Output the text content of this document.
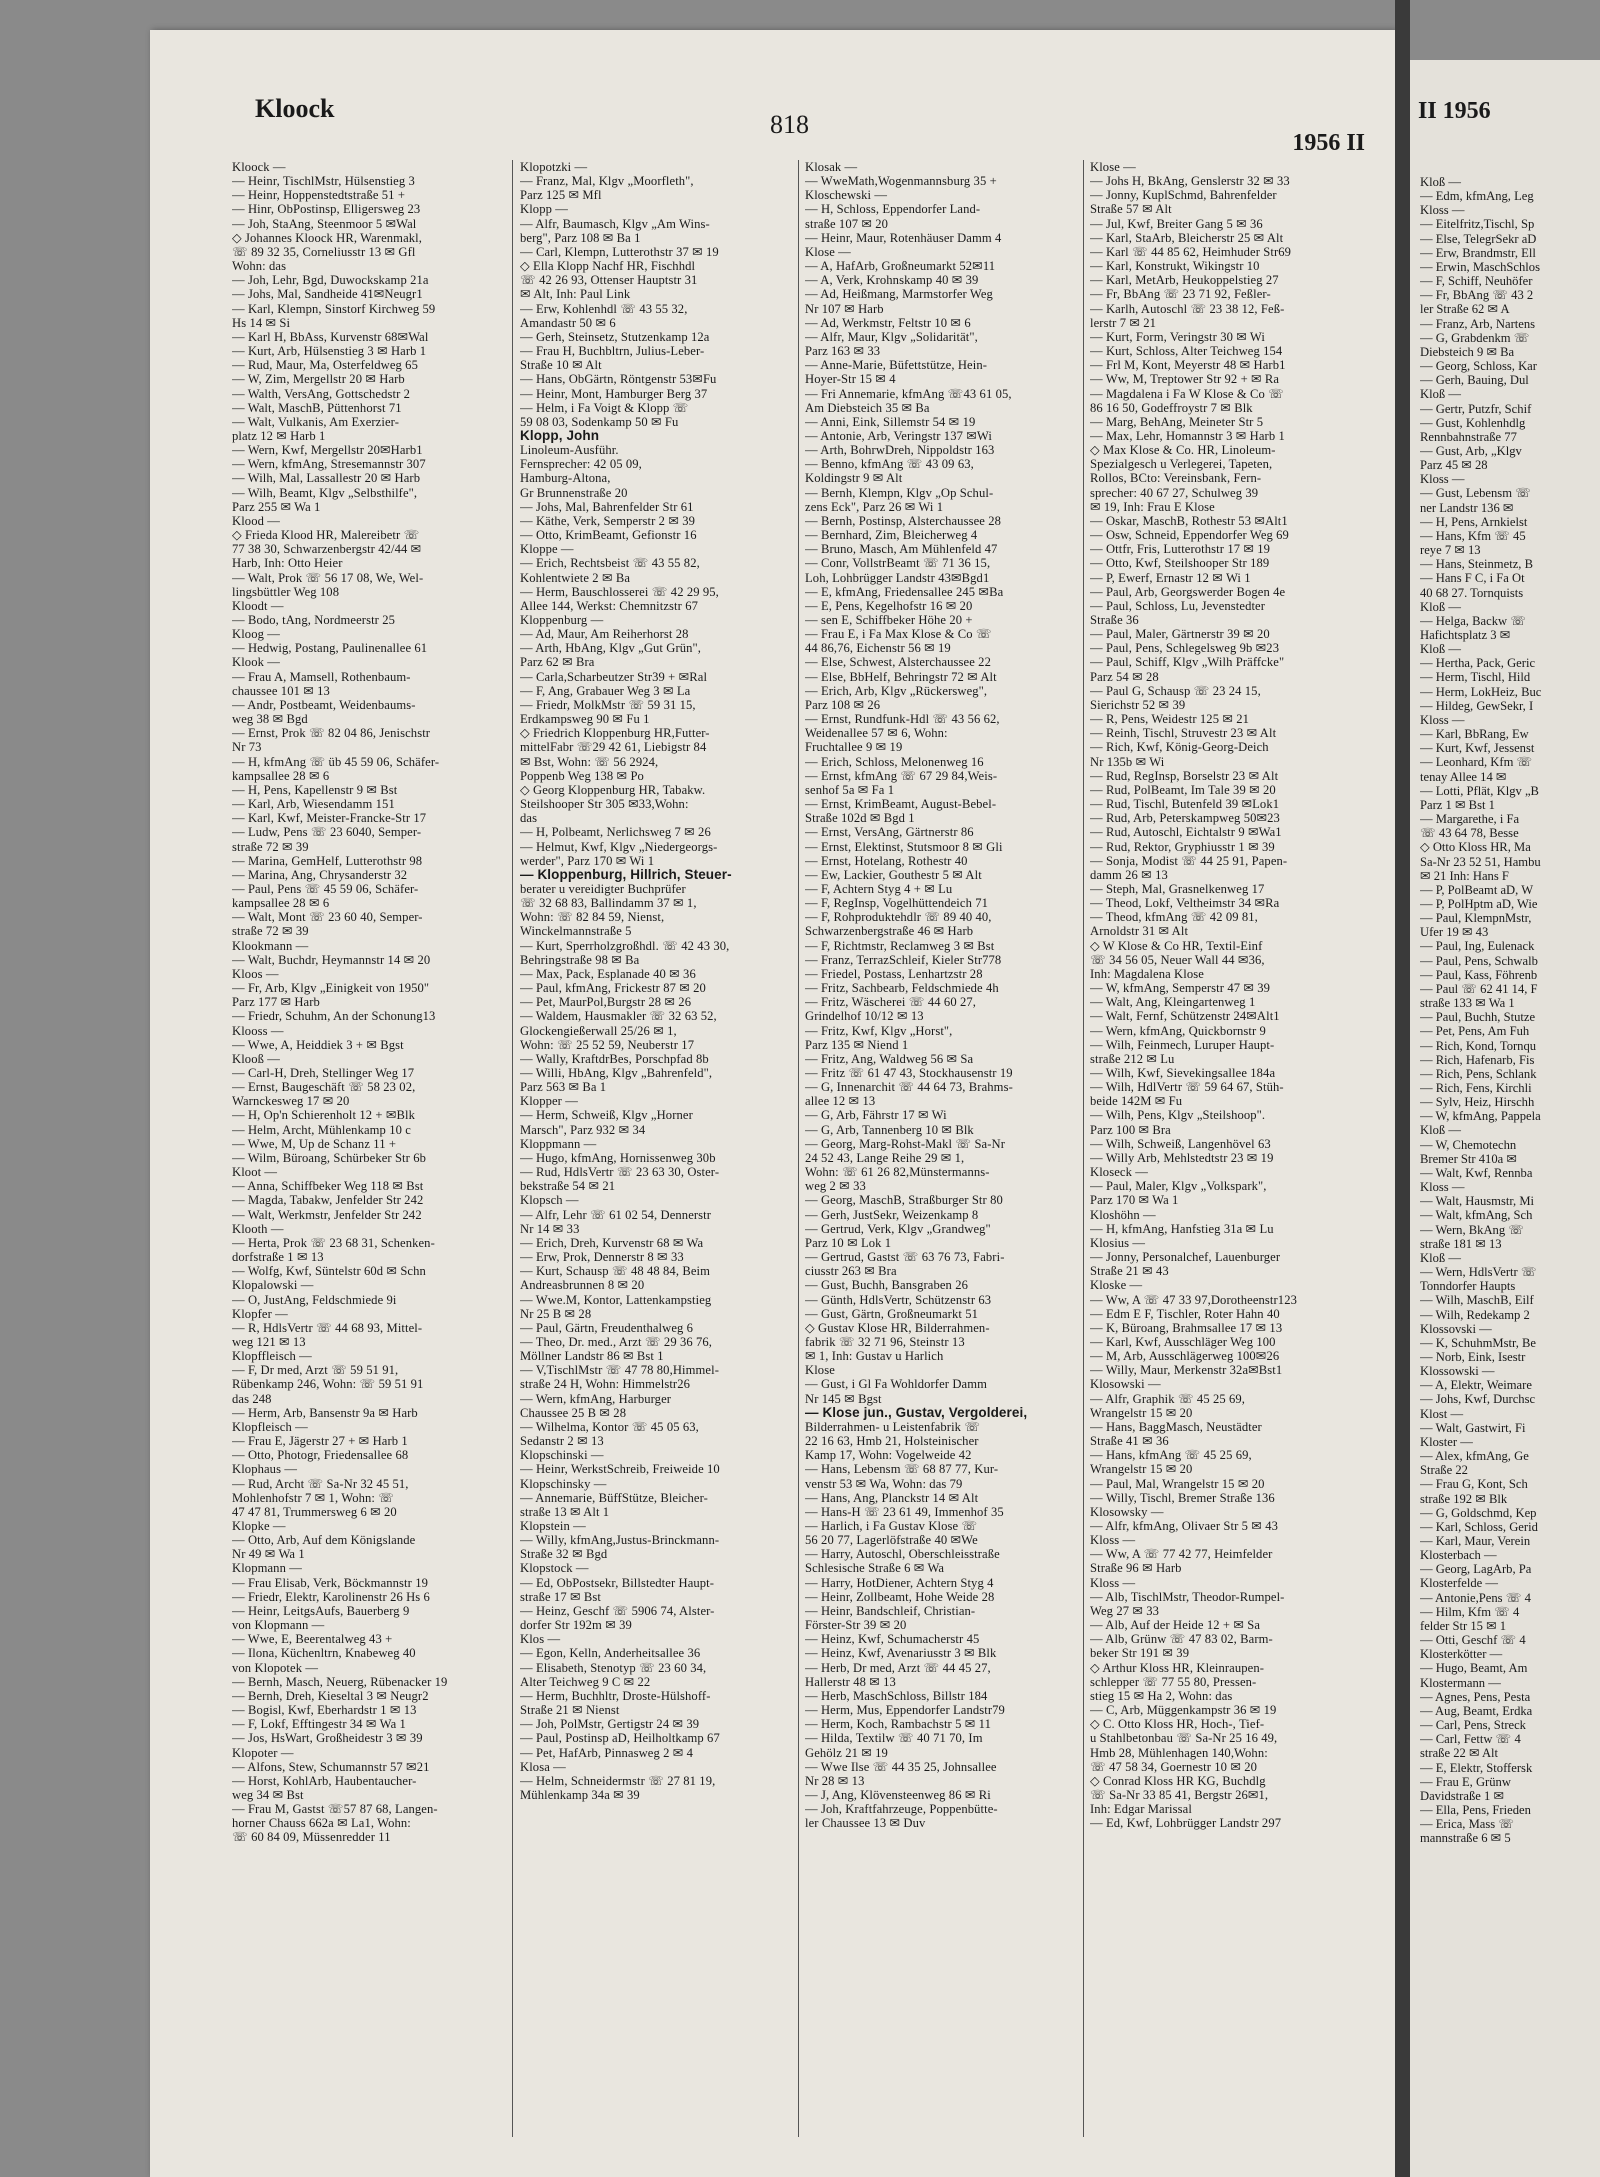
Kloock
818
1956 II
Kloock —
— Heinr, TischlMstr, Hülsenstieg 3
— Heinr, Hoppenstedtstraße 51 +
— Hinr, ObPostinsp, Elligersweg 23
— Joh, StaAng, Steenmoor 5 ✉Wal
◇ Johannes Kloock HR, Warenmakl,
☏ 89 32 35, Corneliusstr 13 ✉ Gfl
Wohn: das
— Joh, Lehr, Bgd, Duwockskamp 21a
— Johs, Mal, Sandheide 41✉Neugr1
— Karl, Klempn, Sinstorf Kirchweg 59
Hs 14 ✉ Si
— Karl H, BbAss, Kurvenstr 68✉Wal
— Kurt, Arb, Hülsenstieg 3 ✉ Harb 1
— Rud, Maur, Ma, Osterfeldweg 65
— W, Zim, Mergellstr 20 ✉ Harb
— Walth, VersAng, Gottschedstr 2
— Walt, MaschB, Püttenhorst 71
— Walt, Vulkanis, Am Exerzier-
platz 12 ✉ Harb 1
— Wern, Kwf, Mergellstr 20✉Harb1
— Wern, kfmAng, Stresemannstr 307
— Wilh, Mal, Lassallestr 20 ✉ Harb
— Wilh, Beamt, Klgv „Selbsthilfe",
Parz 255 ✉ Wa 1
Klood —
◇ Frieda Klood HR, Malereibetr ☏
77 38 30, Schwarzenbergstr 42/44 ✉
Harb, Inh: Otto Heier
— Walt, Prok ☏ 56 17 08, We, Wel-
lingsbüttler Weg 108
Kloodt —
— Bodo, tAng, Nordmeerstr 25
Kloog —
— Hedwig, Postang, Paulinenallee 61
Klook —
— Frau A, Mamsell, Rothenbaum-
chaussee 101 ✉ 13
— Andr, Postbeamt, Weidenbaums-
weg 38 ✉ Bgd
— Ernst, Prok ☏ 82 04 86, Jenischstr
Nr 73
— H, kfmAng ☏ üb 45 59 06, Schäfer-
kampsallee 28 ✉ 6
— H, Pens, Kapellenstr 9 ✉ Bst
— Karl, Arb, Wiesendamm 151
— Karl, Kwf, Meister-Francke-Str 17
— Ludw, Pens ☏ 23 6040, Semper-
straße 72 ✉ 39
— Marina, GemHelf, Lutterothstr 98
— Marina, Ang, Chrysanderstr 32
— Paul, Pens ☏ 45 59 06, Schäfer-
kampsallee 28 ✉ 6
— Walt, Mont ☏ 23 60 40, Semper-
straße 72 ✉ 39
Klookmann —
— Walt, Buchdr, Heymannstr 14 ✉ 20
Kloos —
— Fr, Arb, Klgv „Einigkeit von 1950"
Parz 177 ✉ Harb
— Friedr, Schuhm, An der Schonung13
Klooss —
— Wwe, A, Heiddiek 3 + ✉ Bgst
Klooß —
— Carl-H, Dreh, Stellinger Weg 17
— Ernst, Baugeschäft ☏ 58 23 02,
Warnckesweg 17 ✉ 20
— H, Op'n Schierenholt 12 + ✉Blk
— Helm, Archt, Mühlenkamp 10 c
— Wwe, M, Up de Schanz 11 +
— Wilm, Büroang, Schürbeker Str 6b
Kloot —
— Anna, Schiffbeker Weg 118 ✉ Bst
— Magda, Tabakw, Jenfelder Str 242
— Walt, Werkmstr, Jenfelder Str 242
Klooth —
— Herta, Prok ☏ 23 68 31, Schenken-
dorfstraße 1 ✉ 13
— Wolfg, Kwf, Süntelstr 60d ✉ Schn
Klopalowski —
— O, JustAng, Feldschmiede 9i
Klopfer —
— R, HdlsVertr ☏ 44 68 93, Mittel-
weg 121 ✉ 13
Klopffleisch —
— F, Dr med, Arzt ☏ 59 51 91,
Rübenkamp 246, Wohn: ☏ 59 51 91
das 248
— Herm, Arb, Bansenstr 9a ✉ Harb
Klopfleisch —
— Frau E, Jägerstr 27 + ✉ Harb 1
— Otto, Photogr, Friedensallee 68
Klophaus —
— Rud, Archt ☏ Sa-Nr 32 45 51,
Mohlenhofstr 7 ✉ 1, Wohn: ☏
47 47 81, Trummersweg 6 ✉ 20
Klopke —
— Otto, Arb, Auf dem Königslande
Nr 49 ✉ Wa 1
Klopmann —
— Frau Elisab, Verk, Böckmannstr 19
— Friedr, Elektr, Karolinenstr 26 Hs 6
— Heinr, LeitgsAufs, Bauerberg 9
von Klopmann —
— Wwe, E, Beerentalweg 43 +
— Ilona, Küchenltrn, Knabeweg 40
von Klopotek —
— Bernh, Masch, Neuerg, Rübenacker 19
— Bernh, Dreh, Kieseltal 3 ✉ Neugr2
— Bogisl, Kwf, Eberhardstr 1 ✉ 13
— F, Lokf, Efftingestr 34 ✉ Wa 1
— Jos, HsWart, Großheidestr 3 ✉ 39
Klopoter —
— Alfons, Stew, Schumannstr 57 ✉21
— Horst, KohlArb, Haubentaucher-
weg 34 ✉ Bst
— Frau M, Gastst ☏57 87 68, Langen-
horner Chauss 662a ✉ La1, Wohn:
☏ 60 84 09, Müssenredder 11
Klopotzki —
— Franz, Mal, Klgv „Moorfleth",
Parz 125 ✉ Mfl
Klopp —
— Alfr, Baumasch, Klgv „Am Wins-
berg", Parz 108 ✉ Ba 1
— Carl, Klempn, Lutterothstr 37 ✉ 19
◇ Ella Klopp Nachf HR, Fischhdl
☏ 42 26 93, Ottenser Hauptstr 31
✉ Alt, Inh: Paul Link
— Erw, Kohlenhdl ☏ 43 55 32,
Amandastr 50 ✉ 6
— Gerh, Steinsetz, Stutzenkamp 12a
— Frau H, Buchbltrn, Julius-Leber-
Straße 10 ✉ Alt
— Hans, ObGärtn, Röntgenstr 53✉Fu
— Heinr, Mont, Hamburger Berg 37
— Helm, i Fa Voigt & Klopp ☏
59 08 03, Sodenkamp 50 ✉ Fu
Klopp, John
Linoleum-Ausführ.
Fernsprecher: 42 05 09,
Hamburg-Altona,
Gr Brunnenstraße 20
— Johs, Mal, Bahrenfelder Str 61
— Käthe, Verk, Semperstr 2 ✉ 39
— Otto, KrimBeamt, Gefionstr 16
Kloppe —
— Erich, Rechtsbeist ☏ 43 55 82,
Kohlentwiete 2 ✉ Ba
— Herm, Bauschlosserei ☏ 42 29 95,
Allee 144, Werkst: Chemnitzstr 67
Kloppenburg —
— Ad, Maur, Am Reiherhorst 28
— Arth, HbAng, Klgv „Gut Grün",
Parz 62 ✉ Bra
— Carla,Scharbeutzer Str39 + ✉Ral
— F, Ang, Grabauer Weg 3 ✉ La
— Friedr, MolkMstr ☏ 59 31 15,
Erdkampsweg 90 ✉ Fu 1
◇ Friedrich Kloppenburg HR,Futter-
mittelFabr ☏29 42 61, Liebigstr 84
✉ Bst, Wohn: ☏ 56 2924,
Poppenb Weg 138 ✉ Po
◇ Georg Kloppenburg HR, Tabakw.
Steilshooper Str 305 ✉33,Wohn:
das
— H, Polbeamt, Nerlichsweg 7 ✉ 26
— Helmut, Kwf, Klgv „Niedergeorgs-
werder", Parz 170 ✉ Wi 1
— Kloppenburg, Hillrich, Steuer-
berater u vereidigter Buchprüfer
☏ 32 68 83, Ballindamm 37 ✉ 1,
Wohn: ☏ 82 84 59, Nienst,
Winckelmannstraße 5
— Kurt, Sperrholzgroßhdl. ☏ 42 43 30,
Behringstraße 98 ✉ Ba
— Max, Pack, Esplanade 40 ✉ 36
— Paul, kfmAng, Frickestr 87 ✉ 20
— Pet, MaurPol,Burgstr 28 ✉ 26
— Waldem, Hausmakler ☏ 32 63 52,
Glockengießerwall 25/26 ✉ 1,
Wohn: ☏ 25 52 59, Neuberstr 17
— Wally, KraftdrBes, Porschpfad 8b
— Willi, HbAng, Klgv „Bahrenfeld",
Parz 563 ✉ Ba 1
Klopper —
— Herm, Schweiß, Klgv „Horner
Marsch", Parz 932 ✉ 34
Kloppmann —
— Hugo, kfmAng, Hornissenweg 30b
— Rud, HdlsVertr ☏ 23 63 30, Oster-
bekstraße 54 ✉ 21
Klopsch —
— Alfr, Lehr ☏ 61 02 54, Dennerstr
Nr 14 ✉ 33
— Erich, Dreh, Kurvenstr 68 ✉ Wa
— Erw, Prok, Dennerstr 8 ✉ 33
— Kurt, Schausp ☏ 48 48 84, Beim
Andreasbrunnen 8 ✉ 20
— Wwe.M, Kontor, Lattenkampstieg
Nr 25 B ✉ 28
— Paul, Gärtn, Freudenthalweg 6
— Theo, Dr. med., Arzt ☏ 29 36 76,
Möllner Landstr 86 ✉ Bst 1
— V,TischlMstr ☏ 47 78 80,Himmel-
straße 24 H, Wohn: Himmelstr26
— Wern, kfmAng, Harburger
Chaussee 25 B ✉ 28
— Wilhelma, Kontor ☏ 45 05 63,
Sedanstr 2 ✉ 13
Klopschinski —
— Heinr, WerkstSchreib, Freiweide 10
Klopschinsky —
— Annemarie, BüffStütze, Bleicher-
straße 13 ✉ Alt 1
Klopstein —
— Willy, kfmAng,Justus-Brinckmann-
Straße 32 ✉ Bgd
Klopstock —
— Ed, ObPostsekr, Billstedter Haupt-
straße 17 ✉ Bst
— Heinz, Geschf ☏ 5906 74, Alster-
dorfer Str 192m ✉ 39
Klos —
— Egon, Kelln, Anderheitsallee 36
— Elisabeth, Stenotyp ☏ 23 60 34,
Alter Teichweg 9 C ✉ 22
— Herm, Buchhltr, Droste-Hülshoff-
Straße 21 ✉ Nienst
— Joh, PolMstr, Gertigstr 24 ✉ 39
— Paul, Postinsp aD, Heilholtkamp 67
— Pet, HafArb, Pinnasweg 2 ✉ 4
Klosa —
— Helm, Schneidermstr ☏ 27 81 19,
Mühlenkamp 34a ✉ 39
Klosak —
— WweMath,Wogenmannsburg 35 +
Kloschewski —
— H, Schloss, Eppendorfer Land-
straße 107 ✉ 20
— Heinr, Maur, Rotenhäuser Damm 4
Klose —
— A, HafArb, Großneumarkt 52✉11
— A, Verk, Krohnskamp 40 ✉ 39
— Ad, Heißmang, Marmstorfer Weg
Nr 107 ✉ Harb
— Ad, Werkmstr, Feltstr 10 ✉ 6
— Alfr, Maur, Klgv „Solidarität",
Parz 163 ✉ 33
— Anne-Marie, Büfettstütze, Hein-
Hoyer-Str 15 ✉ 4
— Fri Annemarie, kfmAng ☏43 61 05,
Am Diebsteich 35 ✉ Ba
— Anni, Eink, Sillemstr 54 ✉ 19
— Antonie, Arb, Veringstr 137 ✉Wi
— Arth, BohrwDreh, Nippoldstr 163
— Benno, kfmAng ☏ 43 09 63,
Koldingstr 9 ✉ Alt
— Bernh, Klempn, Klgv „Op Schul-
zens Eck", Parz 26 ✉ Wi 1
— Bernh, Postinsp, Alsterchaussee 28
— Bernhard, Zim, Bleicherweg 4
— Bruno, Masch, Am Mühlenfeld 47
— Conr, VollstrBeamt ☏ 71 36 15,
Loh, Lohbrügger Landstr 43✉Bgd1
— E, kfmAng, Friedensallee 245 ✉Ba
— E, Pens, Kegelhofstr 16 ✉ 20
— sen E, Schiffbeker Höhe 20 +
— Frau E, i Fa Max Klose & Co ☏
44 86,76, Eichenstr 56 ✉ 19
— Else, Schwest, Alsterchaussee 22
— Else, BbHelf, Behringstr 72 ✉ Alt
— Erich, Arb, Klgv „Rückersweg",
Parz 108 ✉ 26
— Ernst, Rundfunk-Hdl ☏ 43 56 62,
Weidenallee 57 ✉ 6, Wohn:
Fruchtallee 9 ✉ 19
— Erich, Schloss, Melonenweg 16
— Ernst, kfmAng ☏ 67 29 84,Weis-
senhof 5a ✉ Fa 1
— Ernst, KrimBeamt, August-Bebel-
Straße 102d ✉ Bgd 1
— Ernst, VersAng, Gärtnerstr 86
— Ernst, Elektinst, Stutsmoor 8 ✉ Gli
— Ernst, Hotelang, Rothestr 40
— Ew, Lackier, Gouthestr 5 ✉ Alt
— F, Achtern Styg 4 + ✉ Lu
— F, RegInsp, Vogelhüttendeich 71
— F, Rohproduktehdlr ☏ 89 40 40,
Schwarzenbergstraße 46 ✉ Harb
— F, Richtmstr, Reclamweg 3 ✉ Bst
— Franz, TerrazSchleif, Kieler Str778
— Friedel, Postass, Lenhartzstr 28
— Fritz, Sachbearb, Feldschmiede 4h
— Fritz, Wäscherei ☏ 44 60 27,
Grindelhof 10/12 ✉ 13
— Fritz, Kwf, Klgv „Horst",
Parz 135 ✉ Niend 1
— Fritz, Ang, Waldweg 56 ✉ Sa
— Fritz ☏ 61 47 43, Stockhausenstr 19
— G, Innenarchit ☏ 44 64 73, Brahms-
allee 12 ✉ 13
— G, Arb, Fährstr 17 ✉ Wi
— G, Arb, Tannenberg 10 ✉ Blk
— Georg, Marg-Rohst-Makl ☏ Sa-Nr
24 52 43, Lange Reihe 29 ✉ 1,
Wohn: ☏ 61 26 82,Münstermanns-
weg 2 ✉ 33
— Georg, MaschB, Straßburger Str 80
— Gerh, JustSekr, Weizenkamp 8
— Gertrud, Verk, Klgv „Grandweg"
Parz 10 ✉ Lok 1
— Gertrud, Gastst ☏ 63 76 73, Fabri-
ciusstr 263 ✉ Bra
— Gust, Buchh, Bansgraben 26
— Günth, HdlsVertr, Schützenstr 63
— Gust, Gärtn, Großneumarkt 51
◇ Gustav Klose HR, Bilderrahmen-
fabrik ☏ 32 71 96, Steinstr 13
✉ 1, Inh: Gustav u Harlich
Klose
— Gust, i Gl Fa Wohldorfer Damm
Nr 145 ✉ Bgst
— Klose jun., Gustav, Vergolderei,
Bilderrahmen- u Leistenfabrik ☏
22 16 63, Hmb 21, Holsteinischer
Kamp 17, Wohn: Vogelweide 42
— Hans, Lebensm ☏ 68 87 77, Kur-
venstr 53 ✉ Wa, Wohn: das 79
— Hans, Ang, Planckstr 14 ✉ Alt
— Hans-H ☏ 23 61 49, Immenhof 35
— Harlich, i Fa Gustav Klose ☏
56 20 77, Lagerlöfstraße 40 ✉We
— Harry, Autoschl, Oberschleisstraße
Schlesische Straße 6 ✉ Wa
— Harry, HotDiener, Achtern Styg 4
— Heinr, Zollbeamt, Hohe Weide 28
— Heinr, Bandschleif, Christian-
Förster-Str 39 ✉ 20
— Heinz, Kwf, Schumacherstr 45
— Heinz, Kwf, Avenariusstr 3 ✉ Blk
— Herb, Dr med, Arzt ☏ 44 45 27,
Hallerstr 48 ✉ 13
— Herb, MaschSchloss, Billstr 184
— Herm, Mus, Eppendorfer Landstr79
— Herm, Koch, Rambachstr 5 ✉ 11
— Hilda, Textilw ☏ 40 71 70, Im
Gehölz 21 ✉ 19
— Wwe Ilse ☏ 44 35 25, Johnsallee
Nr 28 ✉ 13
— J, Ang, Klövensteenweg 86 ✉ Ri
— Joh, Kraftfahrzeuge, Poppenbütte-
ler Chaussee 13 ✉ Duv
Klose —
— Johs H, BkAng, Genslerstr 32 ✉ 33
— Jonny, KuplSchmd, Bahrenfelder
Straße 57 ✉ Alt
— Jul, Kwf, Breiter Gang 5 ✉ 36
— Karl, StaArb, Bleicherstr 25 ✉ Alt
— Karl ☏ 44 85 62, Heimhuder Str69
— Karl, Konstrukt, Wikingstr 10
— Karl, MetArb, Heukoppelstieg 27
— Fr, BbAng ☏ 23 71 92, Feßler-
— Karlh, Autoschl ☏ 23 38 12, Feß-
lerstr 7 ✉ 21
— Kurt, Form, Veringstr 30 ✉ Wi
— Kurt, Schloss, Alter Teichweg 154
— Frl M, Kont, Meyerstr 48 ✉ Harb1
— Ww, M, Treptower Str 92 + ✉ Ra
— Magdalena i Fa W Klose & Co ☏
86 16 50, Godeffroystr 7 ✉ Blk
— Marg, BehAng, Meineter Str 5
— Max, Lehr, Homannstr 3 ✉ Harb 1
◇ Max Klose & Co. HR, Linoleum-
Spezialgesch u Verlegerei, Tapeten,
Rollos, BCto: Vereinsbank, Fern-
sprecher: 40 67 27, Schulweg 39
✉ 19, Inh: Frau E Klose
— Oskar, MaschB, Rothestr 53 ✉Alt1
— Osw, Schneid, Eppendorfer Weg 69
— Ottfr, Fris, Lutterothstr 17 ✉ 19
— Otto, Kwf, Steilshooper Str 189
— P, Ewerf, Ernastr 12 ✉ Wi 1
— Paul, Arb, Georgswerder Bogen 4e
— Paul, Schloss, Lu, Jevenstedter
Straße 36
— Paul, Maler, Gärtnerstr 39 ✉ 20
— Paul, Pens, Schlegelsweg 9b ✉23
— Paul, Schiff, Klgv „Wilh Präffcke"
Parz 54 ✉ 28
— Paul G, Schausp ☏ 23 24 15,
Sierichstr 52 ✉ 39
— R, Pens, Weidestr 125 ✉ 21
— Reinh, Tischl, Struvestr 23 ✉ Alt
— Rich, Kwf, König-Georg-Deich
Nr 135b ✉ Wi
— Rud, RegInsp, Borselstr 23 ✉ Alt
— Rud, PolBeamt, Im Tale 39 ✉ 20
— Rud, Tischl, Butenfeld 39 ✉Lok1
— Rud, Arb, Peterskampweg 50✉23
— Rud, Autoschl, Eichtalstr 9 ✉Wa1
— Rud, Rektor, Gryphiusstr 1 ✉ 39
— Sonja, Modist ☏ 44 25 91, Papen-
damm 26 ✉ 13
— Steph, Mal, Grasnelkenweg 17
— Theod, Lokf, Veltheimstr 34 ✉Ra
— Theod, kfmAng ☏ 42 09 81,
Arnoldstr 31 ✉ Alt
◇ W Klose & Co HR, Textil-Einf
☏ 34 56 05, Neuer Wall 44 ✉36,
Inh: Magdalena Klose
— W, kfmAng, Semperstr 47 ✉ 39
— Walt, Ang, Kleingartenweg 1
— Walt, Fernf, Schützenstr 24✉Alt1
— Wern, kfmAng, Quickbornstr 9
— Wilh, Feinmech, Luruper Haupt-
straße 212 ✉ Lu
— Wilh, Kwf, Sievekingsallee 184a
— Wilh, HdlVertr ☏ 59 64 67, Stüh-
beide 142M ✉ Fu
— Wilh, Pens, Klgv „Steilshoop".
Parz 100 ✉ Bra
— Wilh, Schweiß, Langenhövel 63
— Willy Arb, Mehlstedtstr 23 ✉ 19
Kloseck —
— Paul, Maler, Klgv „Volkspark",
Parz 170 ✉ Wa 1
Kloshöhn —
— H, kfmAng, Hanfstieg 31a ✉ Lu
Klosius —
— Jonny, Personalchef, Lauenburger
Straße 21 ✉ 43
Kloske —
— Ww, A ☏ 47 33 97,Dorotheenstr123
— Edm E F, Tischler, Roter Hahn 40
— K, Büroang, Brahmsallee 17 ✉ 13
— Karl, Kwf, Ausschläger Weg 100
— M, Arb, Ausschlägerweg 100✉26
— Willy, Maur, Merkenstr 32a✉Bst1
Klosowski —
— Alfr, Graphik ☏ 45 25 69,
Wrangelstr 15 ✉ 20
— Hans, BaggMasch, Neustädter
Straße 41 ✉ 36
— Hans, kfmAng ☏ 45 25 69,
Wrangelstr 15 ✉ 20
— Paul, Mal, Wrangelstr 15 ✉ 20
— Willy, Tischl, Bremer Straße 136
Klosowsky —
— Alfr, kfmAng, Olivaer Str 5 ✉ 43
Kloss —
— Ww, A ☏ 77 42 77, Heimfelder
Straße 96 ✉ Harb
Kloss —
— Alb, TischlMstr, Theodor-Rumpel-
Weg 27 ✉ 33
— Alb, Auf der Heide 12 + ✉ Sa
— Alb, Grünw ☏ 47 83 02, Barm-
beker Str 191 ✉ 39
◇ Arthur Kloss HR, Kleinraupen-
schlepper ☏ 77 55 80, Pressen-
stieg 15 ✉ Ha 2, Wohn: das
— C, Arb, Müggenkampstr 36 ✉ 19
◇ C. Otto Kloss HR, Hoch-, Tief-
u Stahlbetonbau ☏ Sa-Nr 25 16 49,
Hmb 28, Mühlenhagen 140,Wohn:
☏ 47 58 34, Goernestr 10 ✉ 20
◇ Conrad Kloss HR KG, Buchdlg
☏ Sa-Nr 33 85 41, Bergstr 26✉1,
Inh: Edgar Marissal
— Ed, Kwf, Lohbrügger Landstr 297
II 1956
Kloß —
— Edm, kfmAng, Leg
Kloss —
— Eitelfritz,Tischl, Sp
— Else, TelegrSekr aD
— Erw, Brandmstr, Ell
— Erwin, MaschSchlos
— F, Schiff, Neuhöfer
— Fr, BbAng ☏ 43 2
ler Straße 62 ✉ A
— Franz, Arb, Nartens
— G, Grabdenkm ☏
Diebsteich 9 ✉ Ba
— Georg, Schloss, Kar
— Gerh, Bauing, Dul
Kloß —
— Gertr, Putzfr, Schif
— Gust, Kohlenhdlg
Rennbahnstraße 77
— Gust, Arb, „Klgv
Parz 45 ✉ 28
Kloss —
— Gust, Lebensm ☏
ner Landstr 136 ✉
— H, Pens, Arnkielst
— Hans, Kfm ☏ 45
reye 7 ✉ 13
— Hans, Steinmetz, B
— Hans F C, i Fa Ot
40 68 27. Tornquists
Kloß —
— Helga, Backw ☏
Hafichtsplatz 3 ✉
Kloß —
— Hertha, Pack, Geric
— Herm, Tischl, Hild
— Herm, LokHeiz, Buc
— Hildeg, GewSekr, I
Kloss —
— Karl, BbRang, Ew
— Kurt, Kwf, Jessenst
— Leonhard, Kfm ☏
tenay Allee 14 ✉
— Lotti, Pflät, Klgv „B
Parz 1 ✉ Bst 1
— Margarethe, i Fa
☏ 43 64 78, Besse
◇ Otto Kloss HR, Ma
Sa-Nr 23 52 51, Hambu
✉ 21 Inh: Hans F
— P, PolBeamt aD, W
— P, PolHptm aD, Wie
— Paul, KlempnMstr,
Ufer 19 ✉ 43
— Paul, Ing, Eulenack
— Paul, Pens, Schwalb
— Paul, Kass, Föhrenb
— Paul ☏ 62 41 14, F
straße 133 ✉ Wa 1
— Paul, Buchh, Stutze
— Pet, Pens, Am Fuh
— Rich, Kond, Tornqu
— Rich, Hafenarb, Fis
— Rich, Pens, Schlank
— Rich, Fens, Kirchli
— Sylv, Heiz, Hirschh
— W, kfmAng, Pappela
Kloß —
— W, Chemotechn
Bremer Str 410a ✉
— Walt, Kwf, Rennba
Kloss —
— Walt, Hausmstr, Mi
— Walt, kfmAng, Sch
— Wern, BkAng ☏
straße 181 ✉ 13
Kloß —
— Wern, HdlsVertr ☏
Tonndorfer Haupts
— Wilh, MaschB, Eilf
— Wilh, Redekamp 2
Klossovski —
— K, SchuhmMstr, Be
— Norb, Eink, Isestr
Klossowski —
— A, Elektr, Weimare
— Johs, Kwf, Durchsc
Klost —
— Walt, Gastwirt, Fi
Kloster —
— Alex, kfmAng, Ge
Straße 22
— Frau G, Kont, Sch
straße 192 ✉ Blk
— G, Goldschmd, Kep
— Karl, Schloss, Gerid
— Karl, Maur, Verein
Klosterbach —
— Georg, LagArb, Pa
Klosterfelde —
— Antonie,Pens ☏ 4
— Hilm, Kfm ☏ 4
felder Str 15 ✉ 1
— Otti, Geschf ☏ 4
Klosterkötter —
— Hugo, Beamt, Am
Klostermann —
— Agnes, Pens, Pesta
— Aug, Beamt, Erdka
— Carl, Pens, Streck
— Carl, Fettw ☏ 4
straße 22 ✉ Alt
— E, Elektr, Stoffersk
— Frau E, Grünw
Davidstraße 1 ✉
— Ella, Pens, Frieden
— Erica, Mass ☏
mannstraße 6 ✉ 5
